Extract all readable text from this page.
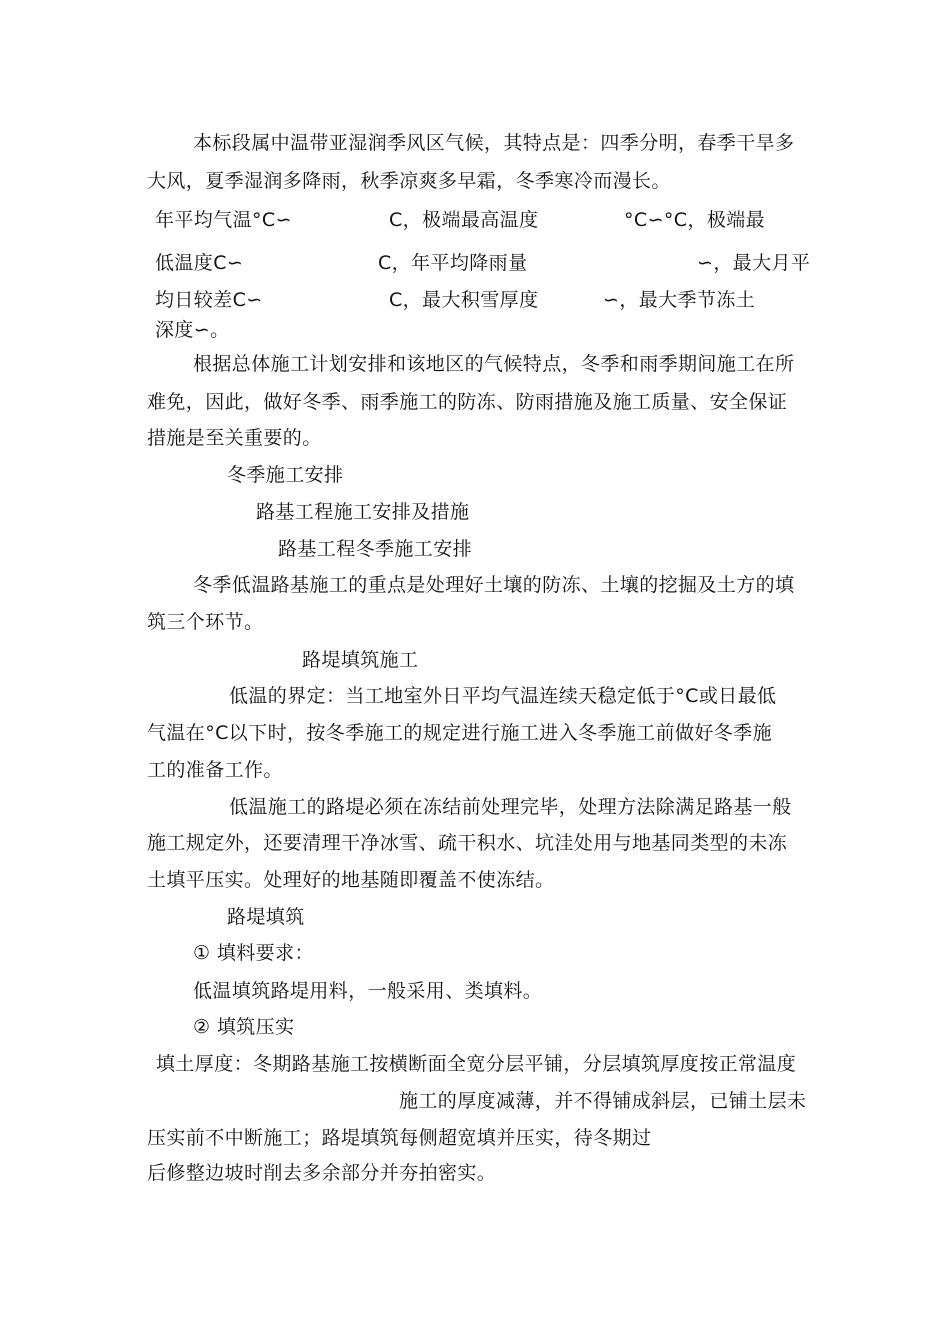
本标段属中温带亚湿润季风区气候，其特点是：四季分明，春季干旱多
大风，夏季湿润多降雨，秋季凉爽多早霜，冬季寒冷而漫长。
年平均气温°C∽	C，极端最高温度	°C∽°C，极端最
低温度C∽	C，年平均降雨量	∽，最大月平
均日较差C∽	C，最大积雪厚度	∽，最大季节冻土
深度∽。
根据总体施工计划安排和该地区的气候特点，冬季和雨季期间施工在所
难免，因此，做好冬季、雨季施工的防冻、防雨措施及施工质量、安全保证
措施是至关重要的。
冬季施工安排
路基工程施工安排及措施
路基工程冬季施工安排
冬季低温路基施工的重点是处理好土壤的防冻、土壤的挖掘及土方的填
筑三个环节。
路堤填筑施工
低温的界定：当工地室外日平均气温连续天稳定低于°C或日最低
气温在°C以下时，按冬季施工的规定进行施工进入冬季施工前做好冬季施
工的准备工作。
低温施工的路堤必须在冻结前处理完毕，处理方法除满足路基一般
施工规定外，还要清理干净冰雪、疏干积水、坑洼处用与地基同类型的未冻
土填平压实。处理好的地基随即覆盖不使冻结。
路堤填筑
① 填料要求：
低温填筑路堤用料，一般采用、类填料。
② 填筑压实
填土厚度：冬期路基施工按横断面全宽分层平铺，分层填筑厚度按正常温度
施工的厚度减薄，并不得铺成斜层，已铺土层未
压实前不中断施工；路堤填筑每侧超宽填并压实，待冬期过
后修整边坡时削去多余部分并夯拍密实。
